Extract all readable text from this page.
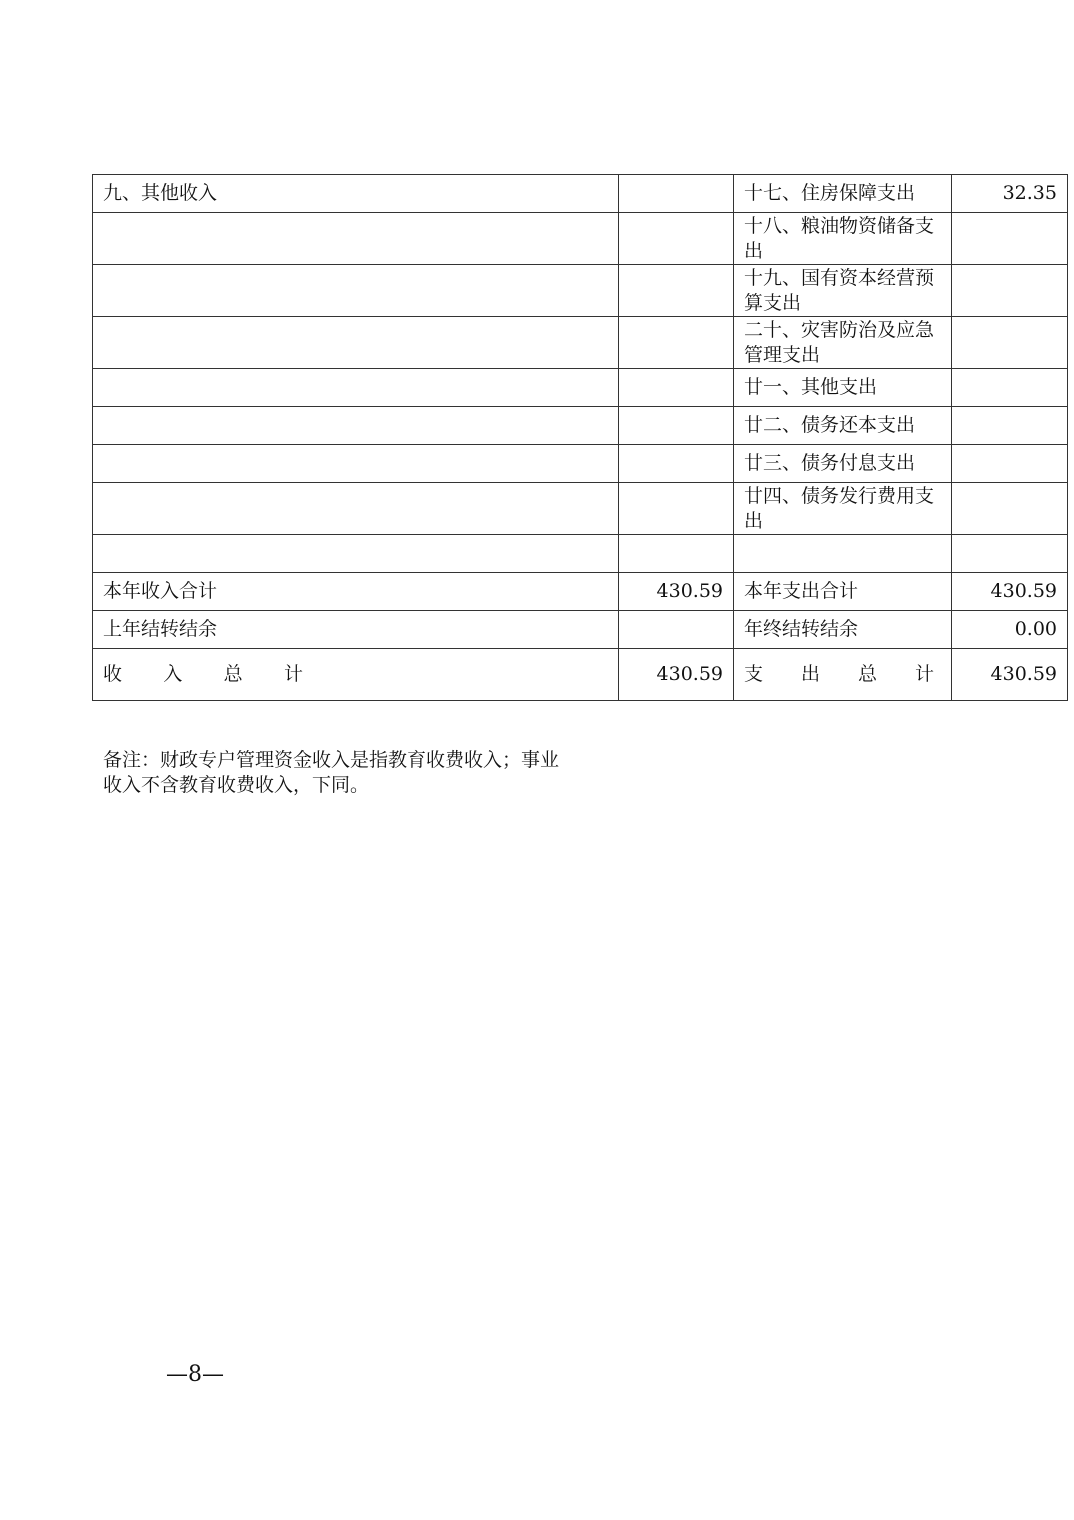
九、其他收入		十七、住房保障支出	32.35
		十八、粮油物资储备支出	
		十九、国有资本经营预算支出	
		二十、灾害防治及应急管理支出	
		廿一、其他支出	
		廿二、债务还本支出	
		廿三、债务付息支出	
		廿四、债务发行费用支出	

本年收入合计	430.59	本年支出合计	430.59
上年结转结余		年终结转结余	0.00

收 入 总 计	430.59	支　　出　　总　　计	430.59
备注：财政专户管理资金收入是指教育收费收入；事业
收入不含教育收费收入，下同。
—8—
